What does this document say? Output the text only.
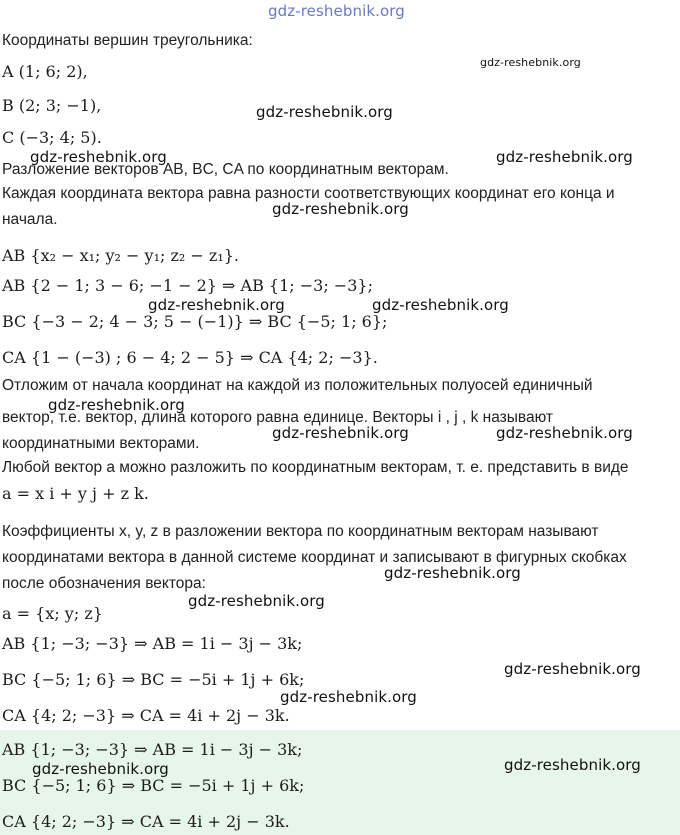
gdz-reshebnik.org
Координаты вершин треугольника:
A (1; 6; 2),
B (2; 3; −1),
C (−3; 4; 5).
Разложение векторов AB, BC, CA по координатным векторам.
Каждая координата вектора равна разности соответствующих координат его конца и
начала.
AB {x₂ − x₁; y₂ − y₁; z₂ − z₁}.
AB {2 − 1; 3 − 6; −1 − 2} ⇒ AB {1; −3; −3};
BC {−3 − 2; 4 − 3; 5 − (−1)} ⇒ BC {−5; 1; 6};
CA {1 − (−3) ; 6 − 4; 2 − 5} ⇒ CA {4; 2; −3}.
Отложим от начала координат на каждой из положительных полуосей единичный
вектор, т.е. вектор, длина которого равна единице. Векторы i , j , k называют
координатными векторами.
Любой вектор a можно разложить по координатным векторам, т. е. представить в виде
a = x i + y j + z k.
Коэффициенты x, y, z в разложении вектора по координатным векторам называют
координатами вектора в данной системе координат и записывают в фигурных скобках
после обозначения вектора:
a = {x; y; z}
AB {1; −3; −3} ⇒ AB = 1i − 3j − 3k;
BC {−5; 1; 6} ⇒ BC = −5i + 1j + 6k;
CA {4; 2; −3} ⇒ CA = 4i + 2j − 3k.
AB {1; −3; −3} ⇒ AB = 1i − 3j − 3k;
BC {−5; 1; 6} ⇒ BC = −5i + 1j + 6k;
CA {4; 2; −3} ⇒ CA = 4i + 2j − 3k.
gdz-reshebnik.org
gdz-reshebnik.org
gdz-reshebnik.org	gdz-reshebnik.org
gdz-reshebnik.org
gdz-reshebnik.org	gdz-reshebnik.org
gdz-reshebnik.org
gdz-reshebnik.org	gdz-reshebnik.org
gdz-reshebnik.org
gdz-reshebnik.org
gdz-reshebnik.org
gdz-reshebnik.org
gdz-reshebnik.org	gdz-reshebnik.org
